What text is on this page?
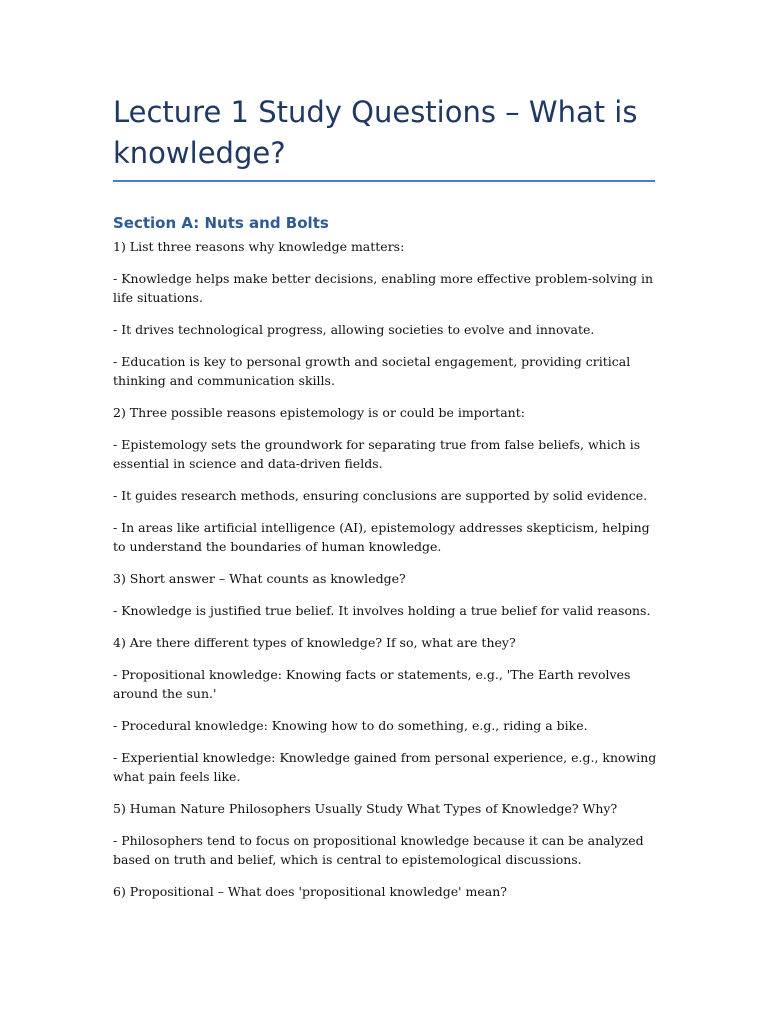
Lecture 1 Study Questions – What is knowledge?
Section A: Nuts and Bolts

1) List three reasons why knowledge matters:

- Knowledge helps make better decisions, enabling more effective problem-solving in life situations.

- It drives technological progress, allowing societies to evolve and innovate.

- Education is key to personal growth and societal engagement, providing critical thinking and communication skills.

2) Three possible reasons epistemology is or could be important:

- Epistemology sets the groundwork for separating true from false beliefs, which is essential in science and data-driven fields.

- It guides research methods, ensuring conclusions are supported by solid evidence.

- In areas like artificial intelligence (AI), epistemology addresses skepticism, helping to understand the boundaries of human knowledge.

3) Short answer – What counts as knowledge?

- Knowledge is justified true belief. It involves holding a true belief for valid reasons.

4) Are there different types of knowledge? If so, what are they?

- Propositional knowledge: Knowing facts or statements, e.g., 'The Earth revolves around the sun.'

- Procedural knowledge: Knowing how to do something, e.g., riding a bike.

- Experiential knowledge: Knowledge gained from personal experience, e.g., knowing what pain feels like.

5) Human Nature Philosophers Usually Study What Types of Knowledge? Why?

- Philosophers tend to focus on propositional knowledge because it can be analyzed based on truth and belief, which is central to epistemological discussions.

6) Propositional – What does 'propositional knowledge' mean?
